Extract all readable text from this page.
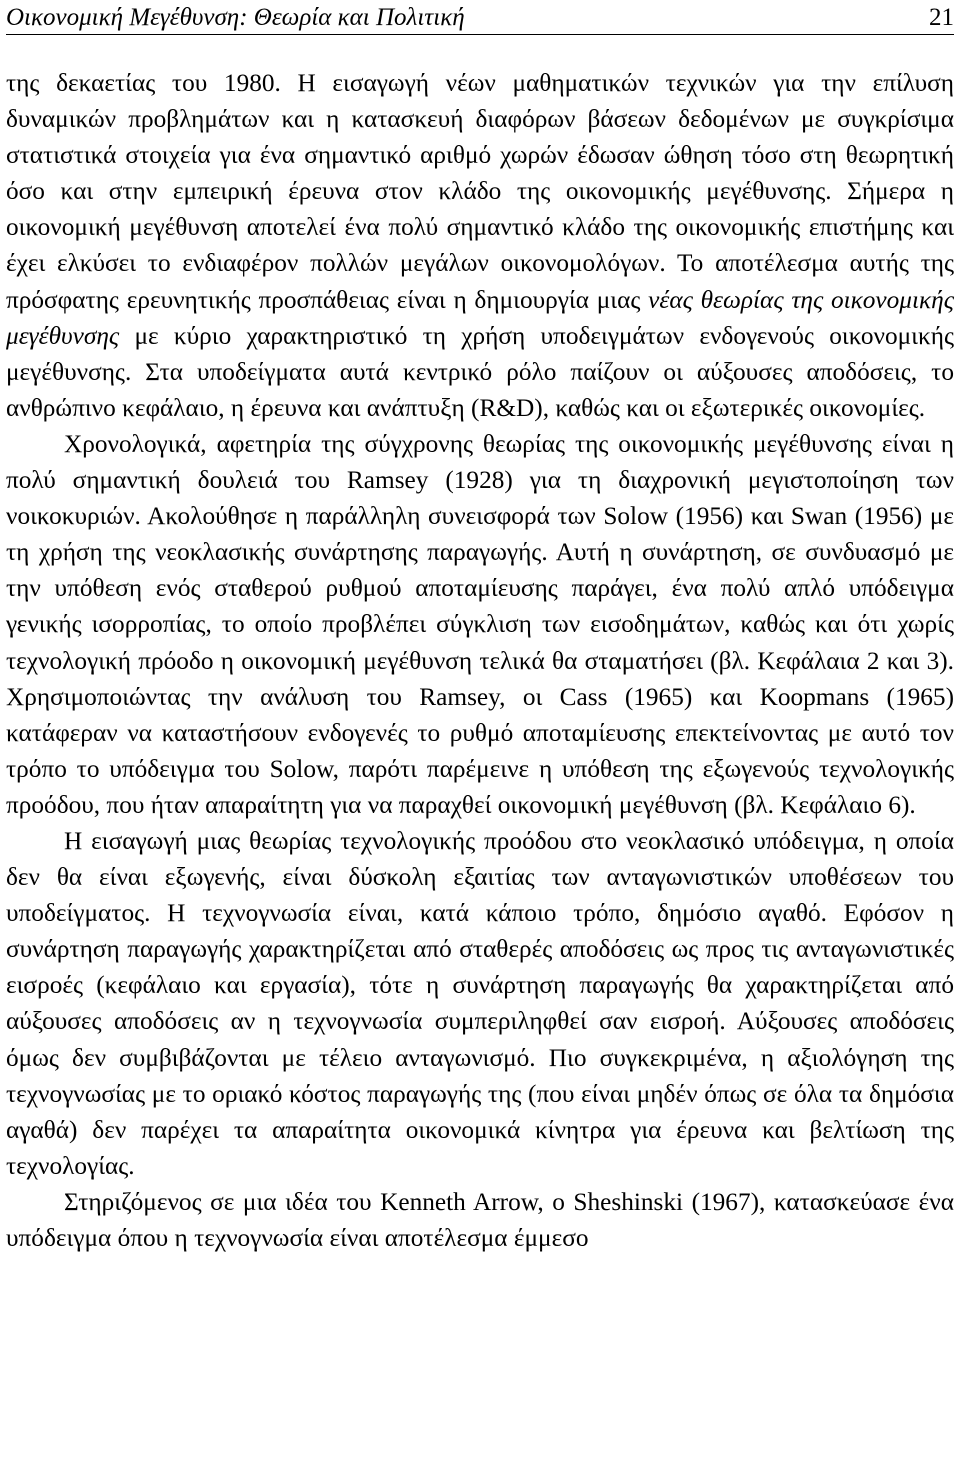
Οικονομική Μεγέθυνση: Θεωρία και Πολιτική	21

της δεκαετίας του 1980. Η εισαγωγή νέων μαθηματικών τεχνικών για την επίλυση δυναμικών προβλημάτων και η κατασκευή διαφόρων βάσεων δεδομένων με συγκρίσιμα στατιστικά στοιχεία για ένα σημαντικό αριθμό χωρών έδωσαν ώθηση τόσο στη θεωρητική όσο και στην εμπειρική έρευνα στον κλάδο της οικονομικής μεγέθυνσης. Σήμερα η οικονομική μεγέθυνση αποτελεί ένα πολύ σημαντικό κλάδο της οικονομικής επιστήμης και έχει ελκύσει το ενδιαφέρον πολλών μεγάλων οικονομολόγων. Το αποτέλεσμα αυτής της πρόσφατης ερευνητικής προσπάθειας είναι η δημιουργία μιας νέας θεωρίας της οικονομικής μεγέθυνσης με κύριο χαρακτηριστικό τη χρήση υποδειγμάτων ενδογενούς οικονομικής μεγέθυνσης. Στα υποδείγματα αυτά κεντρικό ρόλο παίζουν οι αύξουσες αποδόσεις, το ανθρώπινο κεφάλαιο, η έρευνα και ανάπτυξη (R&D), καθώς και οι εξωτερικές οικονομίες.

Χρονολογικά, αφετηρία της σύγχρονης θεωρίας της οικονομικής μεγέθυνσης είναι η πολύ σημαντική δουλειά του Ramsey (1928) για τη διαχρονική μεγιστοποίηση των νοικοκυριών. Ακολούθησε η παράλληλη συνεισφορά των Solow (1956) και Swan (1956) με τη χρήση της νεοκλασικής συνάρτησης παραγωγής. Αυτή η συνάρτηση, σε συνδυασμό με την υπόθεση ενός σταθερού ρυθμού αποταμίευσης παράγει, ένα πολύ απλό υπόδειγμα γενικής ισορροπίας, το οποίο προβλέπει σύγκλιση των εισοδημάτων, καθώς και ότι χωρίς τεχνολογική πρόοδο η οικονομική μεγέθυνση τελικά θα σταματήσει (βλ. Κεφάλαια 2 και 3). Χρησιμοποιώντας την ανάλυση του Ramsey, οι Cass (1965) και Koopmans (1965) κατάφεραν να καταστήσουν ενδογενές το ρυθμό αποταμίευσης επεκτείνοντας με αυτό τον τρόπο το υπόδειγμα του Solow, παρότι παρέμεινε η υπόθεση της εξωγενούς τεχνολογικής προόδου, που ήταν απαραίτητη για να παραχθεί οικονομική μεγέθυνση (βλ. Κεφάλαιο 6).

Η εισαγωγή μιας θεωρίας τεχνολογικής προόδου στο νεοκλασικό υπόδειγμα, η οποία δεν θα είναι εξωγενής, είναι δύσκολη εξαιτίας των ανταγωνιστικών υποθέσεων του υποδείγματος. Η τεχνογνωσία είναι, κατά κάποιο τρόπο, δημόσιο αγαθό. Εφόσον η συνάρτηση παραγωγής χαρακτηρίζεται από σταθερές αποδόσεις ως προς τις ανταγωνιστικές εισροές (κεφάλαιο και εργασία), τότε η συνάρτηση παραγωγής θα χαρακτηρίζεται από αύξουσες αποδόσεις αν η τεχνογνωσία συμπεριληφθεί σαν εισροή. Αύξουσες αποδόσεις όμως δεν συμβιβάζονται με τέλειο ανταγωνισμό. Πιο συγκεκριμένα, η αξιολόγηση της τεχνογνωσίας με το οριακό κόστος παραγωγής της (που είναι μηδέν όπως σε όλα τα δημόσια αγαθά) δεν παρέχει τα απαραίτητα οικονομικά κίνητρα για έρευνα και βελτίωση της τεχνολογίας.

Στηριζόμενος σε μια ιδέα του Kenneth Arrow, ο Sheshinski (1967), κατασκεύασε ένα υπόδειγμα όπου η τεχνογνωσία είναι αποτέλεσμα έμμεσο
